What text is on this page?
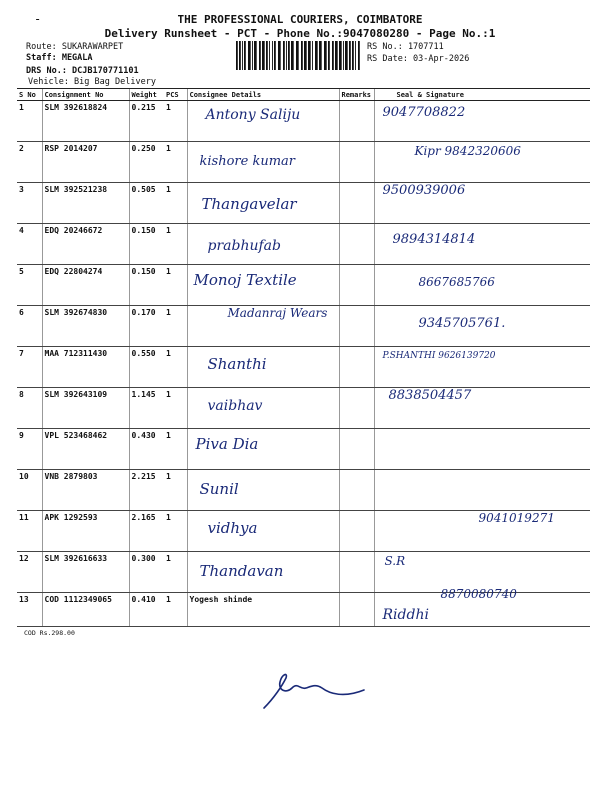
-	THE PROFESSIONAL COURIERS, COIMBATORE
Delivery Runsheet - PCT - Phone No.:9047080280 - Page No.:1
Route: SUKARAWARPET
Staff: MEGALA
DRS No.: DCJB170771101
Vehicle: Big Bag Delivery
RS No.: 1707711
RS Date: 03-Apr-2026
S No	Consignment No	Weight	PCS	Consignee Details	Remarks	Seal & Signature
1	SLM 392618824	0.215	1	Antony Saliju		9047708822

2	RSP 2014207	0.250	1	kishore kumar		Kipr 9842320606

3	SLM 392521238	0.505	1	Thangavelar		9500939006

4	EDQ 20246672	0.150	1	prabhufab		9894314814

5	EDQ 22804274	0.150	1	Monoj Textile		8667685766

6	SLM 392674830	0.170	1	Madanraj Wears		9345705761.

7	MAA 712311430	0.550	1	Shanthi		P.SHANTHI 9626139720

8	SLM 392643109	1.145	1	vaibhav		8838504457

9	VPL 523468462	0.430	1	Piva Dia		

10	VNB 2879803	2.215	1	Sunil		

11	APK 1292593	2.165	1	vidhya		9041019271

12	SLM 392616633	0.300	1	Thandavan		S.R

13	COD 1112349065	0.410	1	Yogesh shinde		8870080740
Riddhi
COD Rs.298.00
